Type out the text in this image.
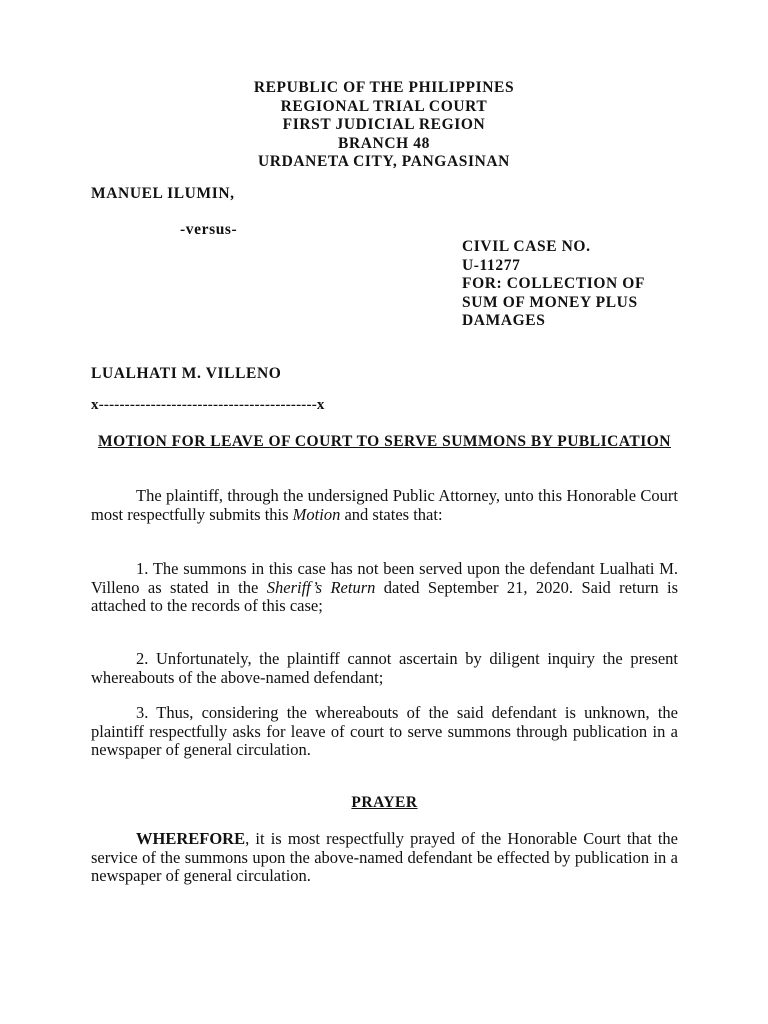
REPUBLIC OF THE PHILIPPINES
REGIONAL TRIAL COURT
FIRST JUDICIAL REGION
BRANCH 48
URDANETA CITY, PANGASINAN
MANUEL ILUMIN,
-versus-
CIVIL CASE NO.
U-11277
FOR: COLLECTION OF
SUM OF MONEY PLUS
DAMAGES
LUALHATI M. VILLENO
x------------------------------------------x
MOTION FOR LEAVE OF COURT TO SERVE SUMMONS BY PUBLICATION

The plaintiff, through the undersigned Public Attorney, unto this Honorable Court most respectfully submits this Motion and states that:

1. The summons in this case has not been served upon the defendant Lualhati M. Villeno as stated in the Sheriff’s Return dated September 21, 2020. Said return is attached to the records of this case;

2. Unfortunately, the plaintiff cannot ascertain by diligent inquiry the present whereabouts of the above-named defendant;

3. Thus, considering the whereabouts of the said defendant is unknown, the plaintiff respectfully asks for leave of court to serve summons through publication in a newspaper of general circulation.

PRAYER

WHEREFORE, it is most respectfully prayed of the Honorable Court that the service of the summons upon the above-named defendant be effected by publication in a newspaper of general circulation.
